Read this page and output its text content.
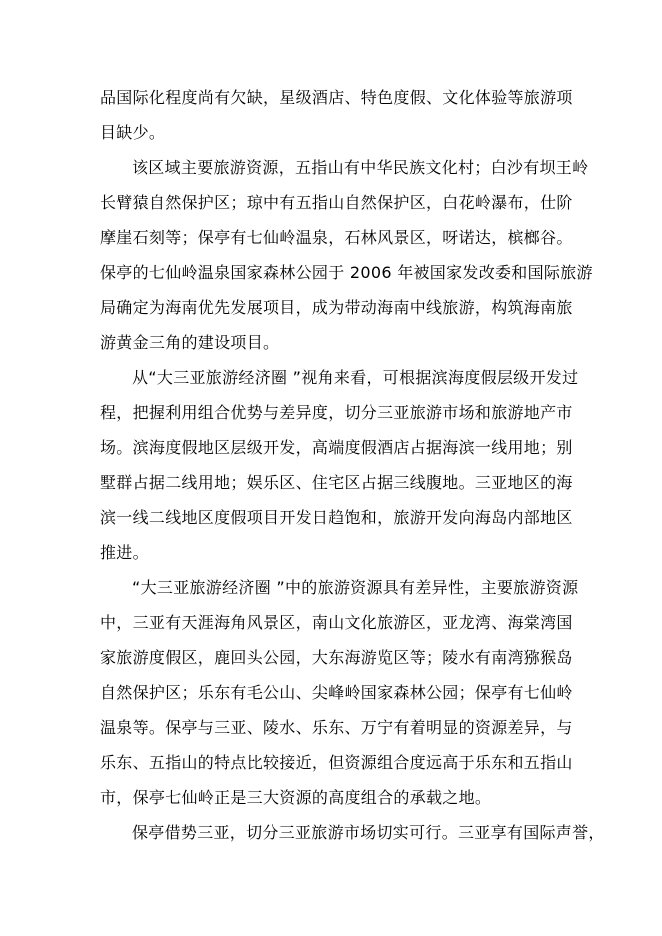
品国际化程度尚有欠缺，星级酒店、特色度假、文化体验等旅游项
目缺少。
该区域主要旅游资源，五指山有中华民族文化村；白沙有坝王岭
长臂猿自然保护区；琼中有五指山自然保护区，白花岭瀑布，仕阶
摩崖石刻等；保亭有七仙岭温泉，石林风景区，呀诺达，槟榔谷。
保亭的七仙岭温泉国家森林公园于 2006 年被国家发改委和国际旅游
局确定为海南优先发展项目，成为带动海南中线旅游，构筑海南旅
游黄金三角的建设项目。
从“大三亚旅游经济圈 ”视角来看，可根据滨海度假层级开发过
程，把握利用组合优势与差异度，切分三亚旅游市场和旅游地产市
场。滨海度假地区层级开发，高端度假酒店占据海滨一线用地；别
墅群占据二线用地；娱乐区、住宅区占据三线腹地。三亚地区的海
滨一线二线地区度假项目开发日趋饱和，旅游开发向海岛内部地区
推进。
“大三亚旅游经济圈 ”中的旅游资源具有差异性，主要旅游资源
中，三亚有天涯海角风景区，南山文化旅游区，亚龙湾、海棠湾国
家旅游度假区，鹿回头公园，大东海游览区等；陵水有南湾猕猴岛
自然保护区；乐东有毛公山、尖峰岭国家森林公园；保亭有七仙岭
温泉等。保亭与三亚、陵水、乐东、万宁有着明显的资源差异，与
乐东、五指山的特点比较接近，但资源组合度远高于乐东和五指山
市，保亭七仙岭正是三大资源的高度组合的承载之地。
保亭借势三亚，切分三亚旅游市场切实可行。三亚享有国际声誉，
